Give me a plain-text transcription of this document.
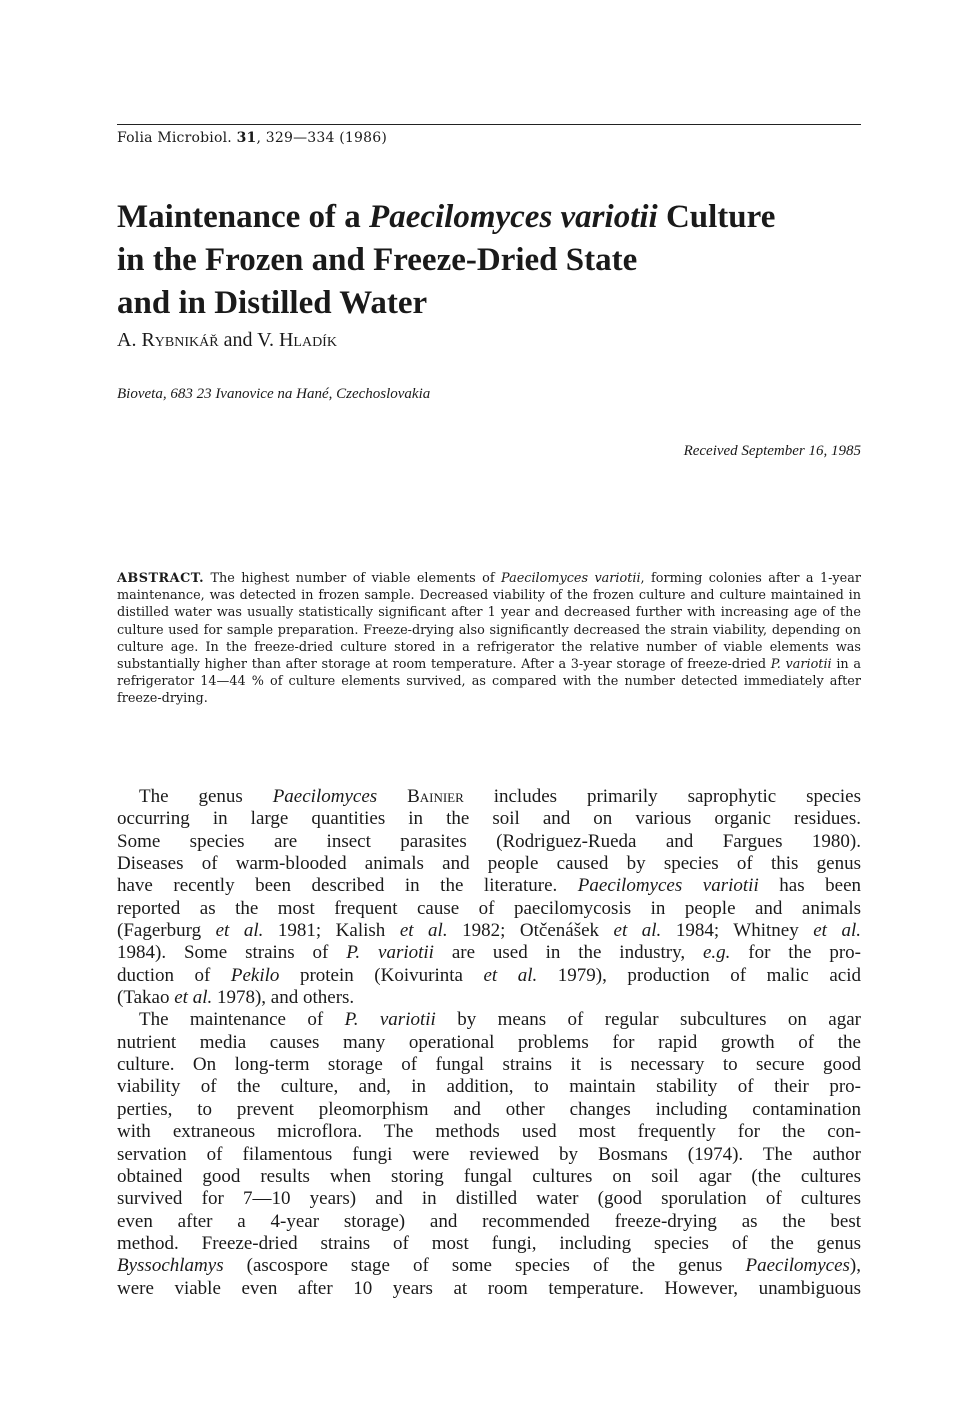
Folia Microbiol. 31, 329—334 (1986)
Maintenance of a Paecilomyces variotii Culture
in the Frozen and Freeze-Dried State
and in Distilled Water
A. Rybnikář and V. Hladík
Bioveta, 683 23 Ivanovice na Hané, Czechoslovakia
Received September 16, 1985

ABSTRACT. The highest number of viable elements of Paecilomyces variotii, forming colonies after a 1-year maintenance, was detected in frozen sample. Decreased viability of the frozen culture and culture maintained in distilled water was usually statistically significant after 1 year and decreased further with increasing age of the culture used for sample preparation. Freeze-drying also significantly decreased the strain viability, depending on culture age. In the freeze-dried culture stored in a refrigerator the relative number of viable elements was substantially higher than after storage at room temperature. After a 3-year storage of freeze-dried P. variotii in a refrigerator 14—44 % of culture elements survived, as compared with the number detected immediately after freeze-drying.

The genus Paecilomyces Bainier includes primarily saprophytic species
occurring in large quantities in the soil and on various organic residues.
Some species are insect parasites (Rodriguez-Rueda and Fargues 1980).
Diseases of warm-blooded animals and people caused by species of this genus
have recently been described in the literature. Paecilomyces variotii has been
reported as the most frequent cause of paecilomycosis in people and animals
(Fagerburg et al. 1981; Kalish et al. 1982; Otčenášek et al. 1984; Whitney et al.
1984). Some strains of P. variotii are used in the industry, e.g. for the pro-
duction of Pekilo protein (Koivurinta et al. 1979), production of malic acid
(Takao et al. 1978), and others.
The maintenance of P. variotii by means of regular subcultures on agar
nutrient media causes many operational problems for rapid growth of the
culture. On long-term storage of fungal strains it is necessary to secure good
viability of the culture, and, in addition, to maintain stability of their pro-
perties, to prevent pleomorphism and other changes including contamination
with extraneous microflora. The methods used most frequently for the con-
servation of filamentous fungi were reviewed by Bosmans (1974). The author
obtained good results when storing fungal cultures on soil agar (the cultures
survived for 7—10 years) and in distilled water (good sporulation of cultures
even after a 4-year storage) and recommended freeze-drying as the best
method. Freeze-dried strains of most fungi, including species of the genus
Byssochlamys (ascospore stage of some species of the genus Paecilomyces),
were viable even after 10 years at room temperature. However, unambiguous
